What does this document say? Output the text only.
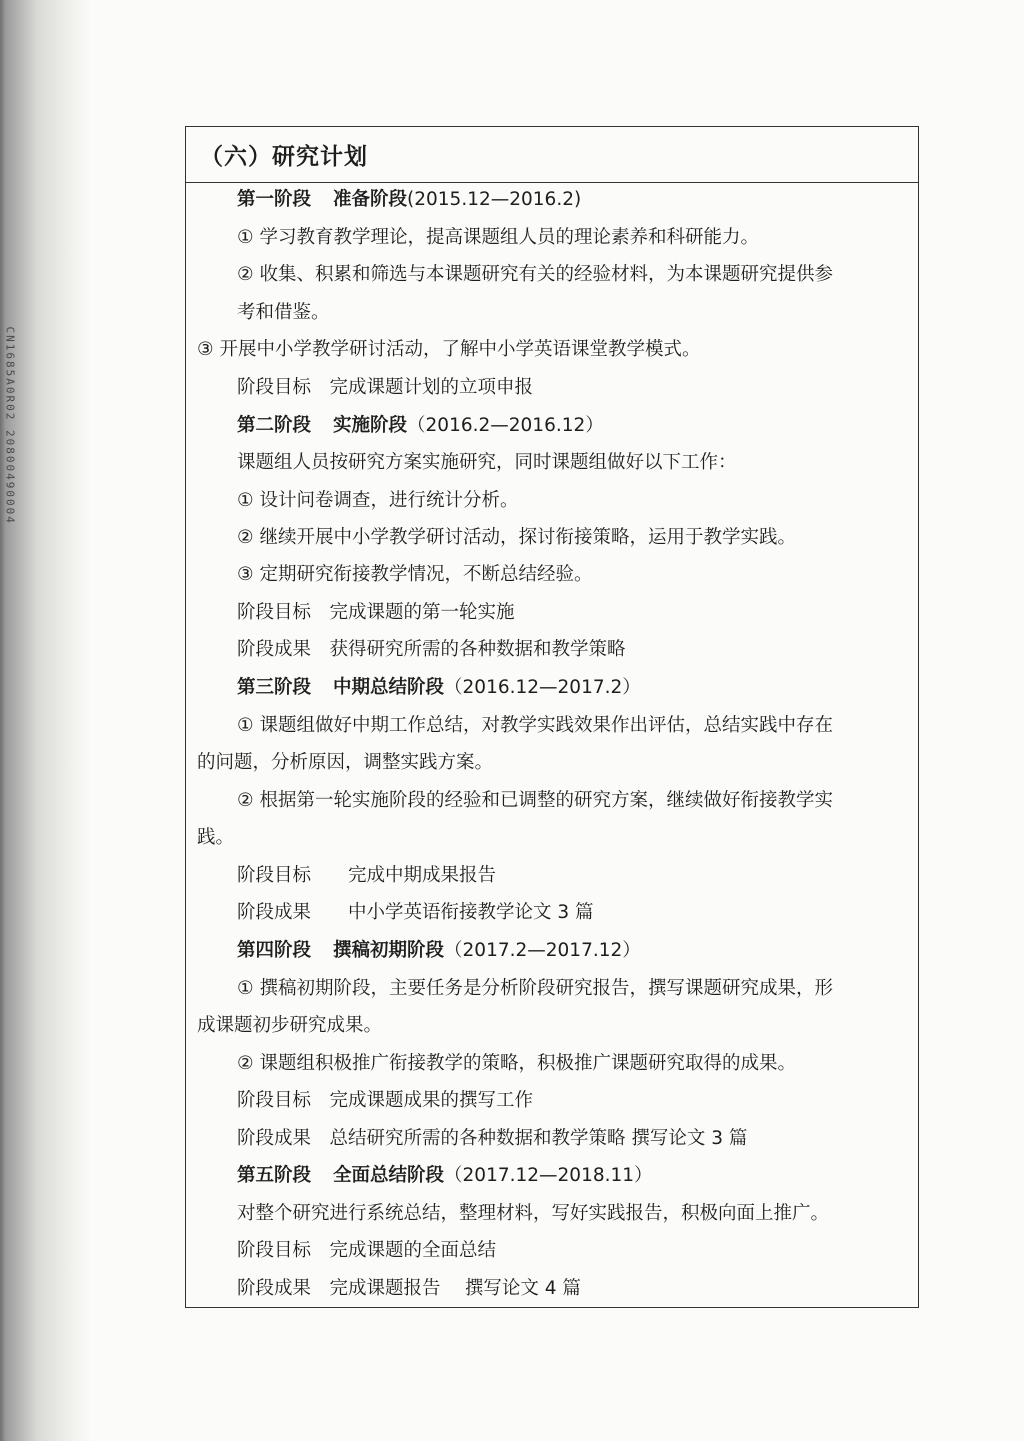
CN1685A0R02 20800490004
（六）研究计划
第一阶段 准备阶段(2015.12—2016.2)
① 学习教育教学理论，提高课题组人员的理论素养和科研能力。
② 收集、积累和筛选与本课题研究有关的经验材料，为本课题研究提供参
考和借鉴。
③ 开展中小学教学研讨活动，了解中小学英语课堂教学模式。
阶段目标　完成课题计划的立项申报
第二阶段 实施阶段（2016.2—2016.12）
课题组人员按研究方案实施研究，同时课题组做好以下工作：
① 设计问卷调查，进行统计分析。
② 继续开展中小学教学研讨活动，探讨衔接策略，运用于教学实践。
③ 定期研究衔接教学情况，不断总结经验。
阶段目标　完成课题的第一轮实施
阶段成果　获得研究所需的各种数据和教学策略
第三阶段 中期总结阶段（2016.12—2017.2）
① 课题组做好中期工作总结，对教学实践效果作出评估，总结实践中存在
的问题，分析原因，调整实践方案。
② 根据第一轮实施阶段的经验和已调整的研究方案，继续做好衔接教学实
践。
阶段目标　　完成中期成果报告
阶段成果　　中小学英语衔接教学论文 3 篇
第四阶段 撰稿初期阶段（2017.2—2017.12）
① 撰稿初期阶段，主要任务是分析阶段研究报告，撰写课题研究成果，形
成课题初步研究成果。
② 课题组积极推广衔接教学的策略，积极推广课题研究取得的成果。
阶段目标　完成课题成果的撰写工作
阶段成果　总结研究所需的各种数据和教学策略 撰写论文 3 篇
第五阶段 全面总结阶段（2017.12—2018.11）
对整个研究进行系统总结，整理材料，写好实践报告，积极向面上推广。
阶段目标　完成课题的全面总结
阶段成果　完成课题报告　 撰写论文 4 篇
